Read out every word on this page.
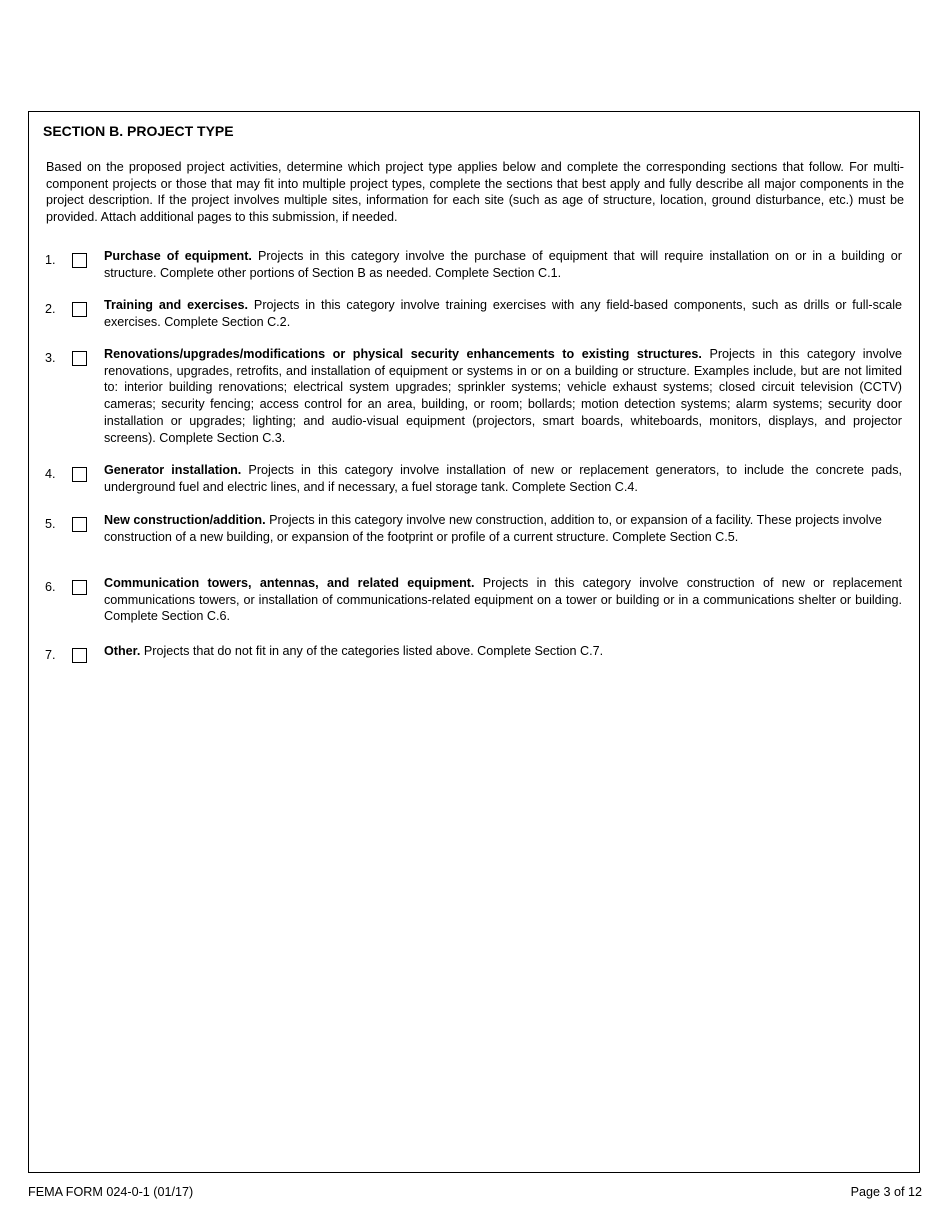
SECTION B. PROJECT TYPE

Based on the proposed project activities, determine which project type applies below and complete the corresponding sections that follow. For multi-component projects or those that may fit into multiple project types, complete the sections that best apply and fully describe all major components in the project description. If the project involves multiple sites, information for each site (such as age of structure, location, ground disturbance, etc.) must be provided. Attach additional pages to this submission, if needed.

1.	Purchase of equipment. Projects in this category involve the purchase of equipment that will require installation on or in a building or structure. Complete other portions of Section B as needed. Complete Section C.1.

2.	Training and exercises. Projects in this category involve training exercises with any field-based components, such as drills or full-scale exercises. Complete Section C.2.

3.	Renovations/upgrades/modifications or physical security enhancements to existing structures. Projects in this category involve renovations, upgrades, retrofits, and installation of equipment or systems in or on a building or structure. Examples include, but are not limited to: interior building renovations; electrical system upgrades; sprinkler systems; vehicle exhaust systems; closed circuit television (CCTV) cameras; security fencing; access control for an area, building, or room; bollards; motion detection systems; alarm systems; security door installation or upgrades; lighting; and audio-visual equipment (projectors, smart boards, whiteboards, monitors, displays, and projector screens). Complete Section C.3.

4.	Generator installation. Projects in this category involve installation of new or replacement generators, to include the concrete pads, underground fuel and electric lines, and if necessary, a fuel storage tank. Complete Section C.4.

5.	New construction/addition. Projects in this category involve new construction, addition to, or expansion of a facility. These projects involve construction of a new building, or expansion of the footprint or profile of a current structure. Complete Section C.5.

6.	Communication towers, antennas, and related equipment. Projects in this category involve construction of new or replacement communications towers, or installation of communications-related equipment on a tower or building or in a communications shelter or building. Complete Section C.6.

7.	Other. Projects that do not fit in any of the categories listed above. Complete Section C.7.

FEMA FORM 024-0-1 (01/17)	Page 3 of 12
